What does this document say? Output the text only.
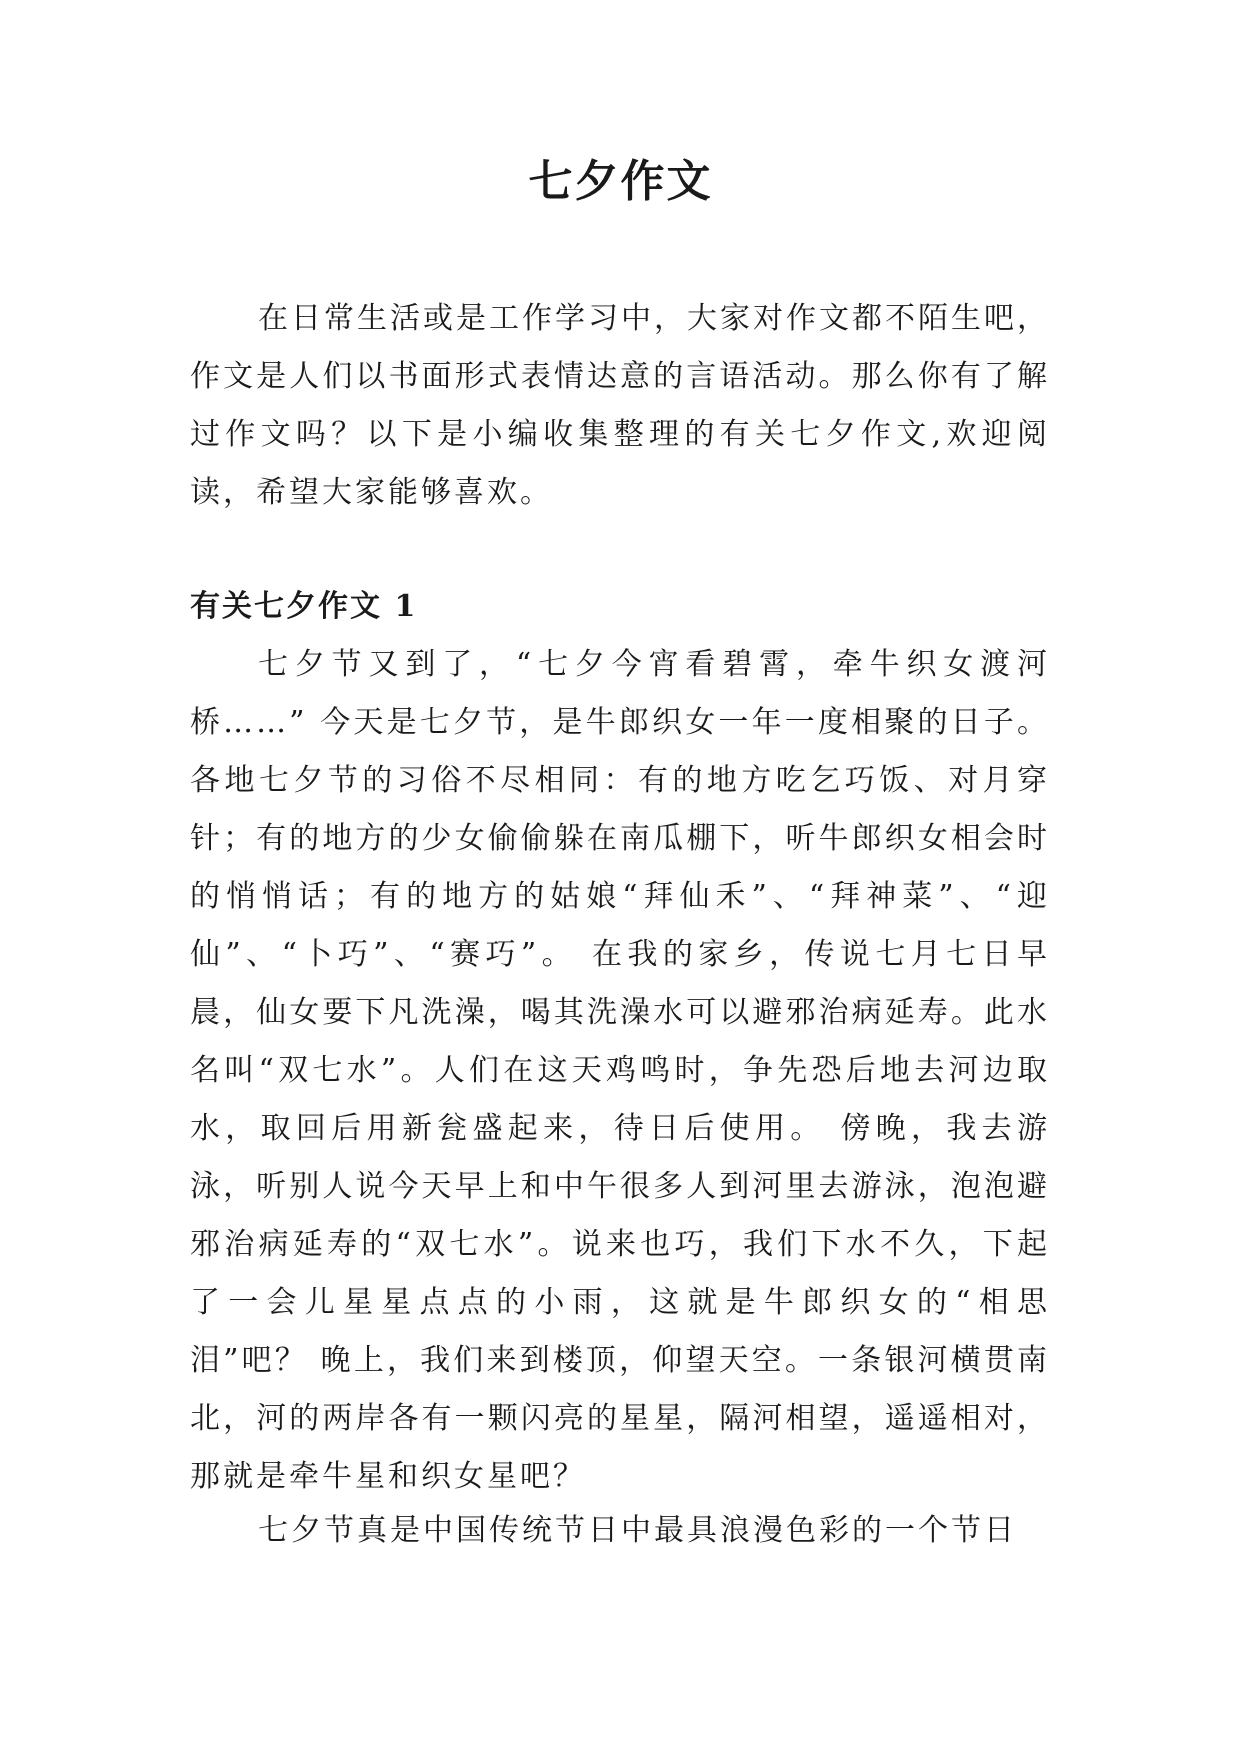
七夕作文

在日常生活或是工作学习中，大家对作文都不陌生吧，作文是人们以书面形式表情达意的言语活动。那么你有了解过作文吗？以下是小编收集整理的有关七夕作文,欢迎阅读，希望大家能够喜欢。

有关七夕作文 1

七夕节又到了，“七夕今宵看碧霄，牵牛织女渡河桥……” 今天是七夕节，是牛郎织女一年一度相聚的日子。各地七夕节的习俗不尽相同：有的地方吃乞巧饭、对月穿针；有的地方的少女偷偷躲在南瓜棚下，听牛郎织女相会时的悄悄话；有的地方的姑娘“拜仙禾”、“拜神菜”、“迎仙”、“卜巧”、“赛巧”。 在我的家乡，传说七月七日早晨，仙女要下凡洗澡，喝其洗澡水可以避邪治病延寿。此水名叫“双七水”。人们在这天鸡鸣时，争先恐后地去河边取水，取回后用新瓮盛起来，待日后使用。 傍晚，我去游泳，听别人说今天早上和中午很多人到河里去游泳，泡泡避邪治病延寿的“双七水”。说来也巧，我们下水不久，下起了一会儿星星点点的小雨，这就是牛郎织女的“相思泪”吧？ 晚上，我们来到楼顶，仰望天空。一条银河横贯南北，河的两岸各有一颗闪亮的星星，隔河相望，遥遥相对，那就是牵牛星和织女星吧？

七夕节真是中国传统节日中最具浪漫色彩的一个节日
